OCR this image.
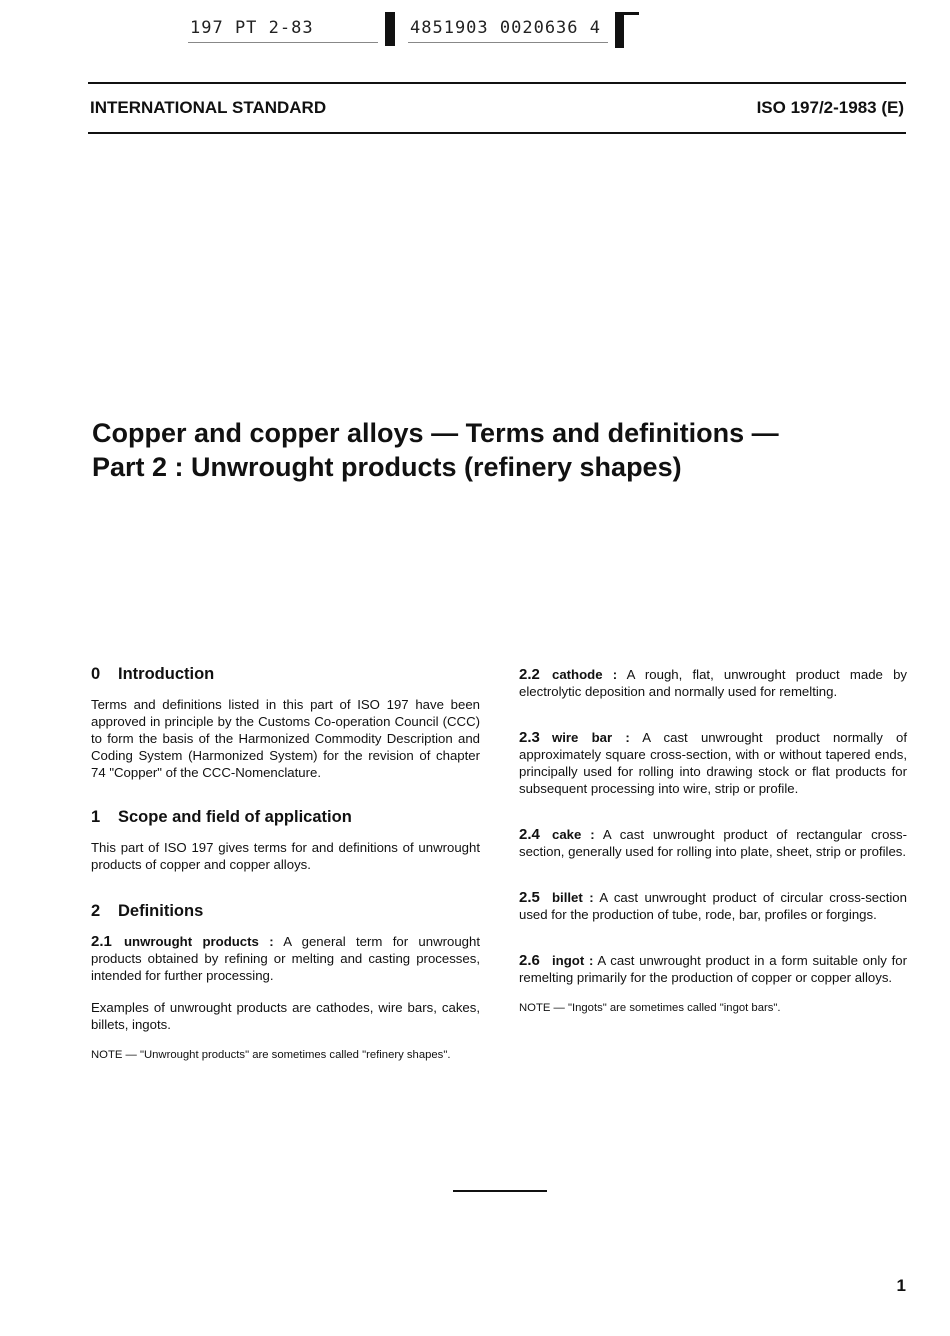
197 PT 2-83	4851903 0020636 4
INTERNATIONAL STANDARD	ISO 197/2-1983 (E)
Copper and copper alloys — Terms and definitions —
Part 2 : Unwrought products (refinery shapes)
0 Introduction

Terms and definitions listed in this part of ISO 197 have been approved in principle by the Customs Co-operation Council (CCC) to form the basis of the Harmonized Commodity Description and Coding System (Harmonized System) for the revision of chapter 74 "Copper" of the CCC-Nomenclature.

1 Scope and field of application

This part of ISO 197 gives terms for and definitions of unwrought products of copper and copper alloys.

2 Definitions

2.1 unwrought products : A general term for unwrought products obtained by refining or melting and casting processes, intended for further processing.

Examples of unwrought products are cathodes, wire bars, cakes, billets, ingots.

NOTE — "Unwrought products" are sometimes called "refinery shapes".

2.2 cathode : A rough, flat, unwrought product made by electrolytic deposition and normally used for remelting.

2.3 wire bar : A cast unwrought product normally of approximately square cross-section, with or without tapered ends, principally used for rolling into drawing stock or flat products for subsequent processing into wire, strip or profile.

2.4 cake : A cast unwrought product of rectangular cross-section, generally used for rolling into plate, sheet, strip or profiles.

2.5 billet : A cast unwrought product of circular cross-section used for the production of tube, rode, bar, profiles or forgings.

2.6 ingot : A cast unwrought product in a form suitable only for remelting primarily for the production of copper or copper alloys.

NOTE — "Ingots" are sometimes called "ingot bars".

1
